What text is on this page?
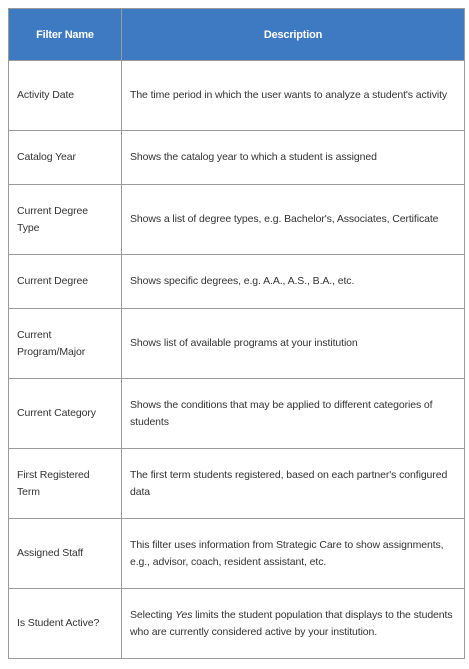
Filter Name	Description
Activity Date	The time period in which the user wants to analyze a student's activity
Catalog Year	Shows the catalog year to which a student is assigned
Current Degree Type	Shows a list of degree types, e.g. Bachelor's, Associates, Certificate
Current Degree	Shows specific degrees, e.g. A.A., A.S., B.A., etc.
Current Program/Major	Shows list of available programs at your institution
Current Category	Shows the conditions that may be applied to different categories of students
First Registered Term	The first term students registered, based on each partner's configured data
Assigned Staff	This filter uses information from Strategic Care to show assignments, e.g., advisor, coach, resident assistant, etc.
Is Student Active?	Selecting Yes limits the student population that displays to the students who are currently considered active by your institution.
